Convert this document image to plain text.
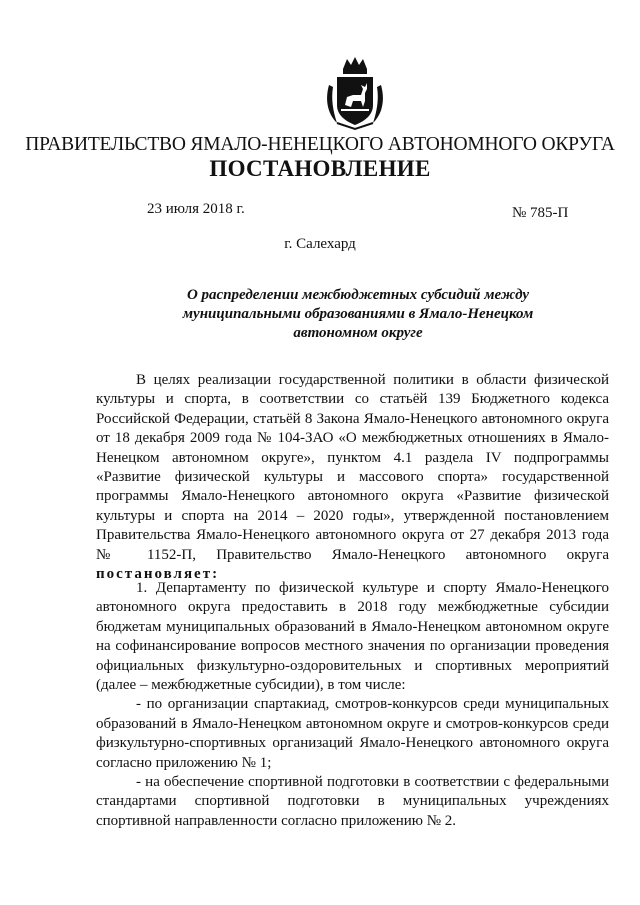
ПРАВИТЕЛЬСТВО ЯМАЛО-НЕНЕЦКОГО АВТОНОМНОГО ОКРУГА
ПОСТАНОВЛЕНИЕ
23 июля 2018 г.	№ 785-П
г. Салехард
О распределении межбюджетных субсидий между
муниципальными образованиями в Ямало-Ненецком
автономном округе

В целях реализации государственной политики в области физической культуры и спорта, в соответствии со статьёй 139 Бюджетного кодекса Российской Федерации, статьёй 8 Закона Ямало-Ненецкого автономного округа от 18 декабря 2009 года № 104-ЗАО «О межбюджетных отношениях в Ямало-Ненецком автономном округе», пунктом 4.1 раздела IV подпрограммы «Развитие физической культуры и массового спорта» государственной программы Ямало-Ненецкого автономного округа «Развитие физической культуры и спорта на 2014 – 2020 годы», утвержденной постановлением Правительства Ямало-Ненецкого автономного округа от 27 декабря 2013 года № 1152-П, Правительство Ямало-Ненецкого автономного округа постановляет:

1. Департаменту по физической культуре и спорту Ямало-Ненецкого автономного округа предоставить в 2018 году межбюджетные субсидии бюджетам муниципальных образований в Ямало-Ненецком автономном округе на софинансирование вопросов местного значения по организации проведения официальных физкультурно-оздоровительных и спортивных мероприятий (далее – межбюджетные субсидии), в том числе:

- по организации спартакиад, смотров-конкурсов среди муниципальных образований в Ямало-Ненецком автономном округе и смотров-конкурсов среди физкультурно-спортивных организаций Ямало-Ненецкого автономного округа согласно приложению № 1;

- на обеспечение спортивной подготовки в соответствии с федеральными стандартами спортивной подготовки в муниципальных учреждениях спортивной направленности согласно приложению № 2.
